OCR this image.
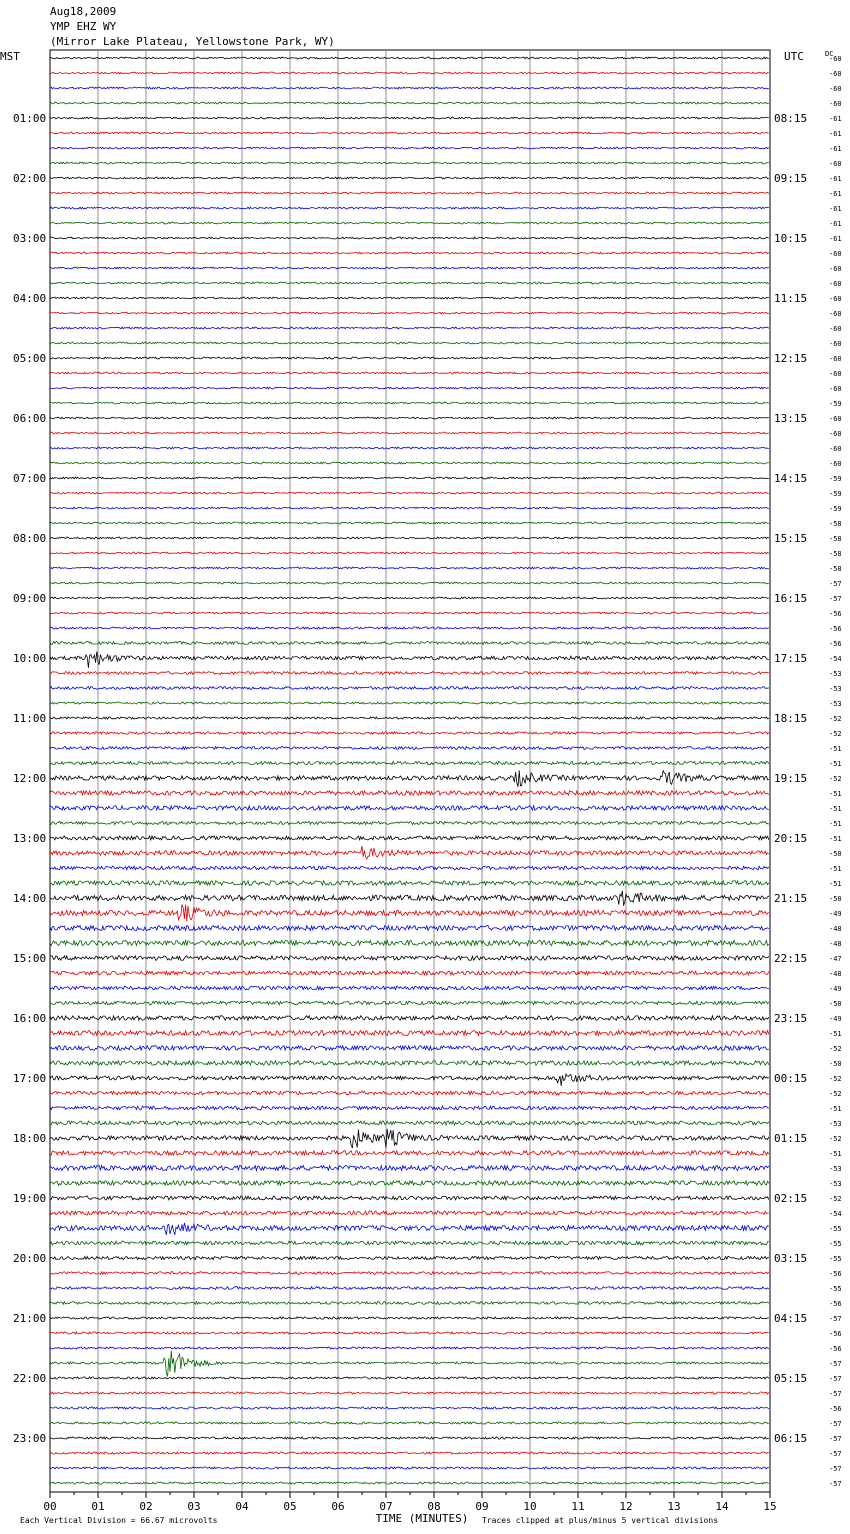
Aug18,2009
YMP EHZ WY
(Mirror Lake Plateau, Yellowstone Park, WY)
MST	UTC	DC
TIME (MINUTES)
Each Vertical Division = 66.67 microvolts	Traces clipped at plus/minus 5 vertical divisions
00	01	02	03	04	05	06	07	08	09	10	11	12	13	14	15
-60
-60
-60
-60
-61
-61
-61
-60
-61
-61
-61
-61
-61
-60
-60
-60
-60
-60
-60
-60
-60
-60
-60
-59
-60
-60
-60
-60
-59
-59
-59
-58
-58
-58
-58
-57
-57
-56
-56
-56
-54
-53
-53
-53
-52
-52
-51
-51
-52
-51
-51
-51
-51
-50
-51
-51
-50
-49
-48
-48
-47
-48
-49
-50
-49
-51
-52
-50
-52
-52
-51
-53
-52
-51
-53
-53
-52
-54
-55
-55
-55
-56
-55
-56
-57
-56
-56
-57
-57
-57
-56
-57
-57
-57
-57
-57
01:00
02:00
03:00
04:00
05:00
06:00
07:00
08:00
09:00
10:00
11:00
12:00
13:00
14:00
15:00
16:00
17:00
18:00
19:00
20:00
21:00
22:00
23:00
08:15
09:15
10:15
11:15
12:15
13:15
14:15
15:15
16:15
17:15
18:15
19:15
20:15
21:15
22:15
23:15
00:15
01:15
02:15
03:15
04:15
05:15
06:15
